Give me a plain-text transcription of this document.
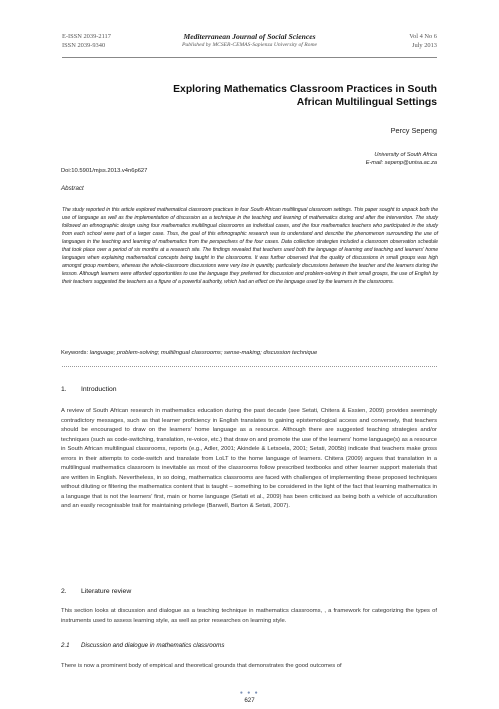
E-ISSN 2039-2117
ISSN 2039-9340
Mediterranean Journal of Social Sciences
Published by MCSER-CEMAS-Sapienza University of Rome
Vol 4 No 6
July 2013
Exploring Mathematics Classroom Practices in South
African Multilingual Settings
Percy Sepeng
University of South Africa
E-mail: sepenp@unisa.ac.za
Doi:10.5901/mjss.2013.v4n6p627
Abstract

The study reported in this article explored mathematical classroom practices in four South African multilingual classroom settings. This paper sought to unpack both the use of language as well as the implementation of discussion as a technique in the teaching and learning of mathematics during and after the intervention. The study followed an ethnographic design using four mathematics multilingual classrooms as individual cases, and the four mathematics teachers who participated in the study from each school were part of a larger case. Thus, the goal of this ethnographic research was to understand and describe the phenomenon surrounding the use of languages in the teaching and learning of mathematics from the perspectives of the four cases. Data collection strategies included a classroom observation schedule that took place over a period of six months at a research site. The findings revealed that teachers used both the language of learning and teaching and learners’ home languages when explaining mathematical concepts being taught in the classrooms. It was further observed that the quality of discussions in small groups was high amongst group members, whereas the whole-classroom discussions were very low in quantity, particularly discussions between the teacher and the learners during the lesson. Although learners were afforded opportunities to use the language they preferred for discussion and problem-solving in their small groups, the use of English by their teachers suggested the teachers as a figure of a powerful authority, which had an effect on the language used by the learners in the classrooms.

Keywords: language; problem-solving; multilingual classrooms; sense-making; discussion technique
1. Introduction

A review of South African research in mathematics education during the past decade (see Setati, Chitera & Essien, 2009) provides seemingly contradictory messages, such as that learner proficiency in English translates to gaining epistemological access and conversely, that teachers should be encouraged to draw on the learners’ home language as a resource. Although there are suggested teaching strategies and/or techniques (such as code-switching, translation, re-voice, etc.) that draw on and promote the use of the learners’ home language(s) as a resource in South African multilingual classrooms, reports (e.g., Adler, 2001; Akindele & Letsoela, 2001; Setati, 2005b) indicate that teachers make gross errors in their attempts to code-switch and translate from LoLT to the home language of learners. Chitera (2009) argues that translation in a multilingual mathematics classroom is inevitable as most of the classrooms follow prescribed textbooks and other learner support materials that are written in English. Nevertheless, in so doing, mathematics classrooms are faced with challenges of implementing these proposed techniques without diluting or filtering the mathematics content that is taught – something to be considered in the light of the fact that learning mathematics in a language that is not the learners’ first, main or home language (Setati et al., 2009) has been criticised as being both a vehicle of acculturation and an easily recognisable trait for maintaining privilege (Barwell, Barton & Setati, 2007).

2. Literature review

This section looks at discussion and dialogue as a teaching technique in mathematics classrooms, , a framework for categorizing the types of instruments used to assess learning style, as well as prior researches on learning style.

2.1 Discussion and dialogue in mathematics classrooms

There is now a prominent body of empirical and theoretical grounds that demonstrates the good outcomes of

● ● ●
627
